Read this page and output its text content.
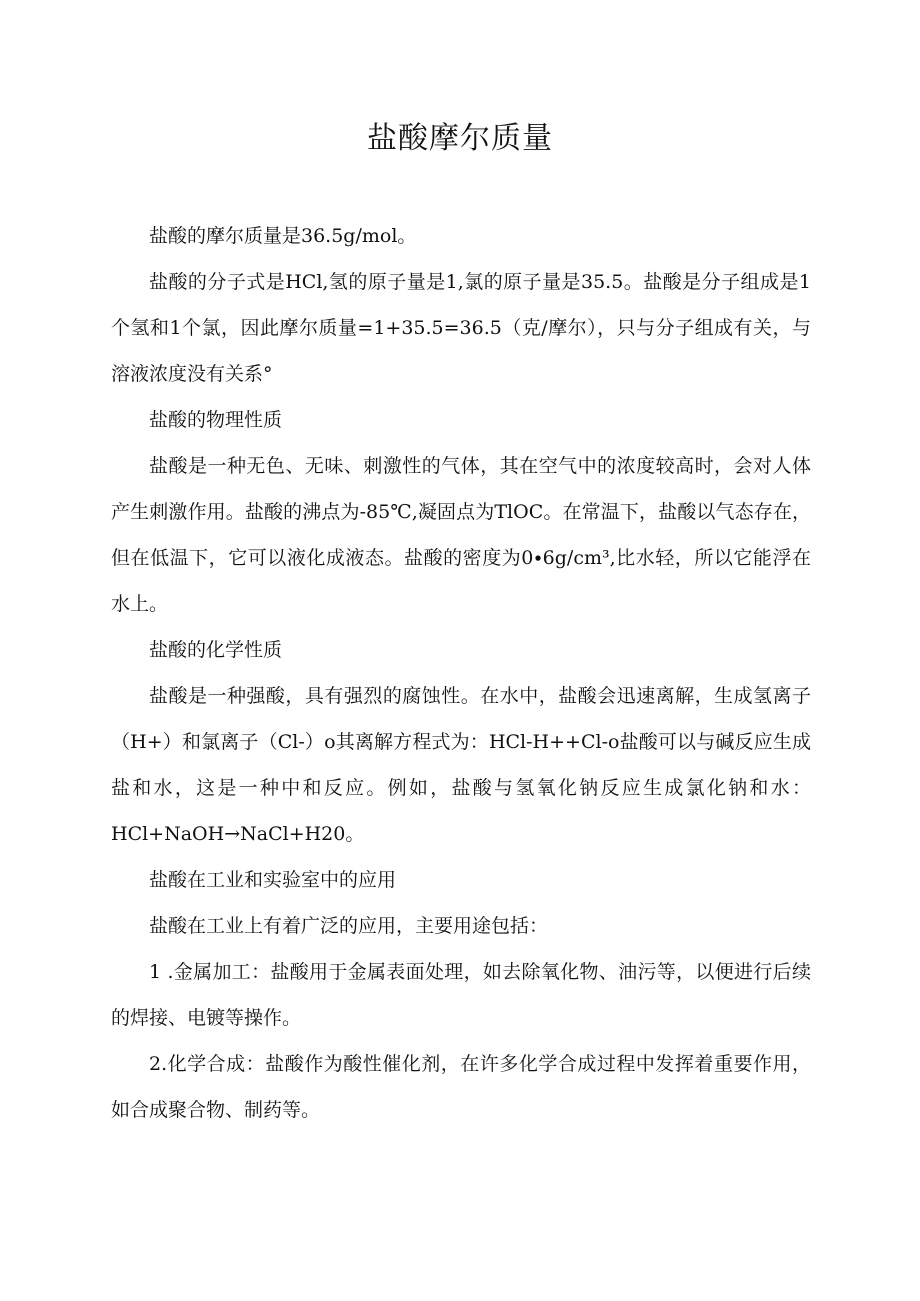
盐酸摩尔质量

盐酸的摩尔质量是36.5g∕mol。

盐酸的分子式是HCl,氢的原子量是1,氯的原子量是35.5。盐酸是分子组成是1个氢和1个氯，因此摩尔质量=1+35.5=36.5（克/摩尔），只与分子组成有关，与溶液浓度没有关系°

盐酸的物理性质

盐酸是一种无色、无味、刺激性的气体，其在空气中的浓度较高时，会对人体产生刺激作用。盐酸的沸点为-85℃,凝固点为TlOC。在常温下，盐酸以气态存在，但在低温下，它可以液化成液态。盐酸的密度为0∙6g∕cm³,比水轻，所以它能浮在水上。

盐酸的化学性质

盐酸是一种强酸，具有强烈的腐蚀性。在水中，盐酸会迅速离解，生成氢离子（H+）和氯离子（Cl-）o其离解方程式为：HCl-H++Cl-o盐酸可以与碱反应生成盐和水，这是一种中和反应。例如，盐酸与氢氧化钠反应生成氯化钠和水：HCl+NaOH→NaCl+H20。

盐酸在工业和实验室中的应用

盐酸在工业上有着广泛的应用，主要用途包括：

1 .金属加工：盐酸用于金属表面处理，如去除氧化物、油污等，以便进行后续的焊接、电镀等操作。

2.化学合成：盐酸作为酸性催化剂，在许多化学合成过程中发挥着重要作用，如合成聚合物、制药等。
